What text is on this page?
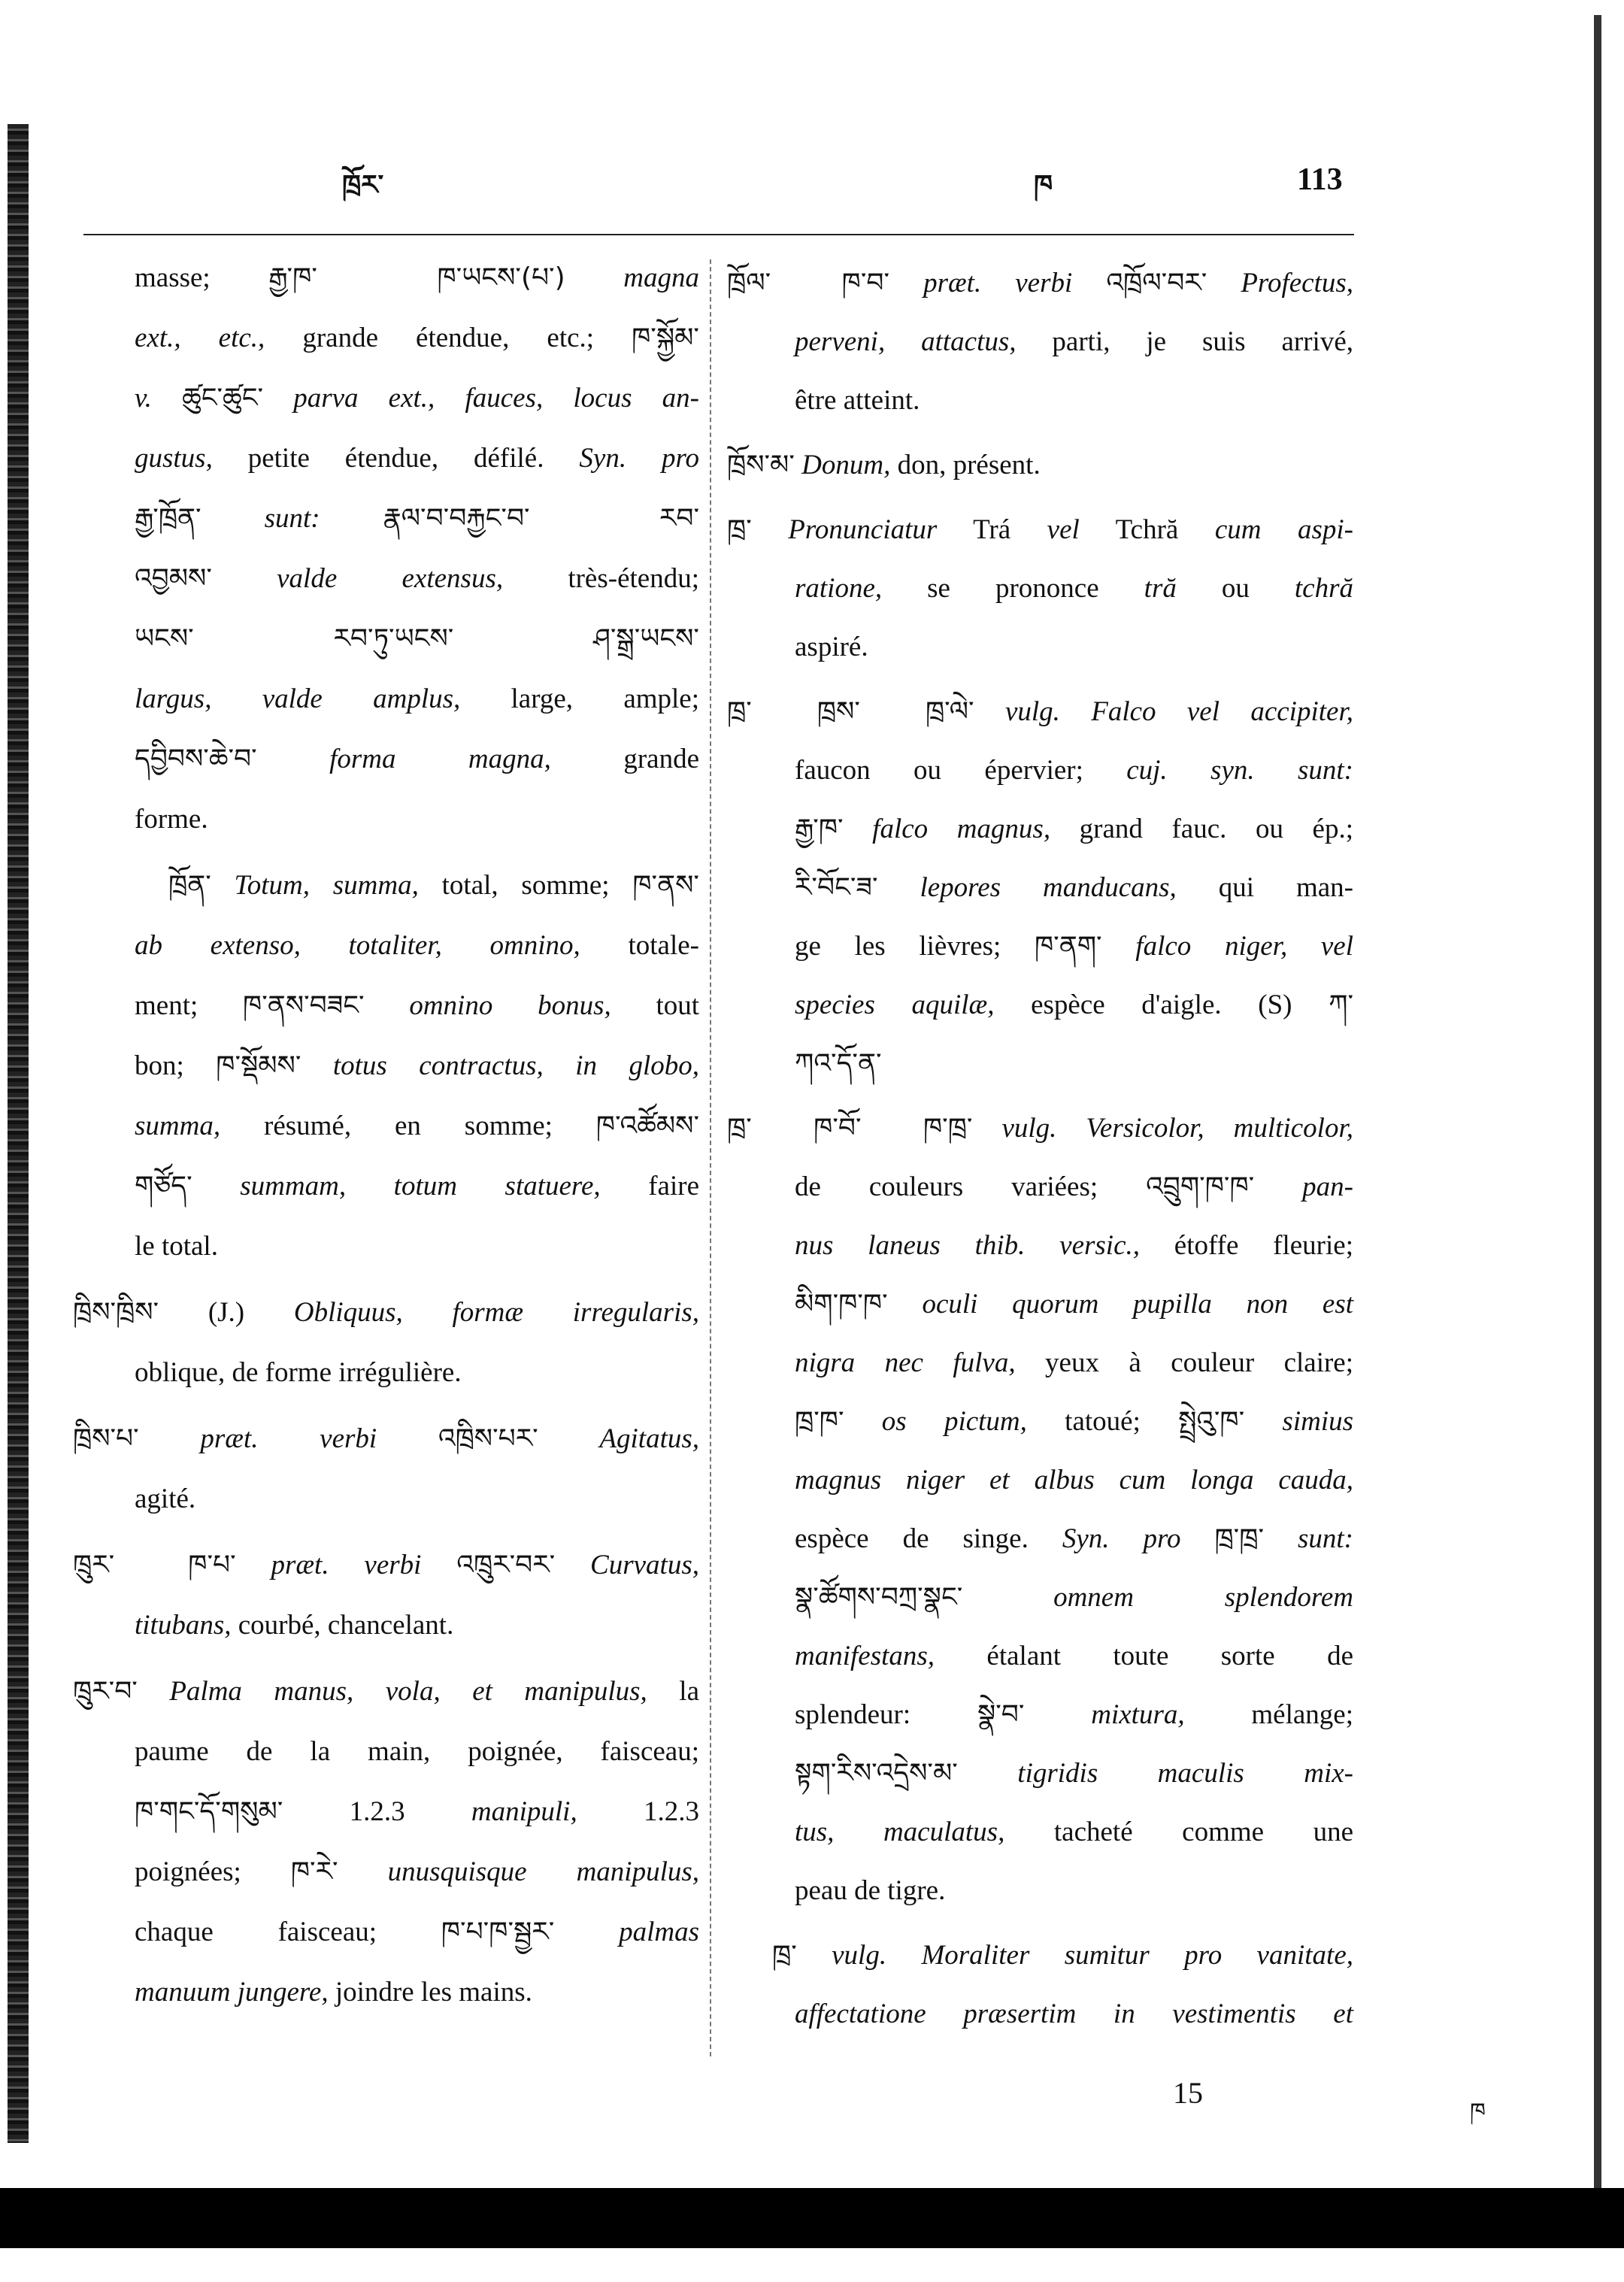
ཁྲོར་	ཁ	113
masse; རྒྱ་ཁ་  ཁ་ཡངས་(པ་) magna
ext., etc., grande étendue, etc.; ཁ་སྐྱོམ་
v. ཚུང་ཚུང་ parva ext., fauces, locus an-
gustus, petite étendue, défilé. Syn. pro
རྒྱ་ཁྲོན་ sunt: རྣལ་བ་བརྐྱང་བ་  རབ་
འབྱམས་ valde extensus, très-étendu;
ཡངས་  རབ་ཏུ་ཡངས་  ཤ་སྒྲ་ཡངས་
largus, valde amplus, large, ample;
དབྱིབས་ཆེ་བ་ forma magna, grande
forme.
ཁྲོན་ Totum, summa, total, somme; ཁ་ནས་
ab extenso, totaliter, omnino, totale-
ment; ཁ་ནས་བཟང་ omnino bonus, tout
bon; ཁ་སྡོམས་ totus contractus, in globo,
summa, résumé, en somme; ཁ་འཚོམས་
གཙོད་ summam, totum statuere, faire
le total.
ཁྲིས་ཁྲིས་ (J.) Obliquus, formæ irregularis,
oblique, de forme irrégulière.
ཁྲིས་པ་ præt. verbi འཁྲིས་པར་ Agitatus,
agité.
ཁྲུར་  ཁ་པ་ præt. verbi འཁྲུར་བར་ Curvatus,
titubans, courbé, chancelant.
ཁྲུར་བ་ Palma manus, vola, et manipulus, la
paume de la main, poignée, faisceau;
ཁ་གང་དོ་གསུམ་ 1.2.3 manipuli, 1.2.3
poignées; ཁ་རེ་ unusquisque manipulus,
chaque faisceau; ཁ་པ་ཁ་སྦྱར་ palmas
manuum jungere, joindre les mains.
ཁྲོལ་  ཁ་བ་ præt. verbi འཁྲོལ་བར་ Profectus,
perveni, attactus, parti, je suis arrivé,
être atteint.
ཁྲོས་མ་ Donum, don, présent.
ཁྲ་ Pronunciatur Trá vel Tchră cum aspi-
ratione, se prononce tră ou tchră
aspiré.
ཁྲ་  ཁྲས་  ཁྲ་ལེ་ vulg. Falco vel accipiter,
faucon ou épervier; cuj. syn. sunt:
རྒྱ་ཁ་ falco magnus, grand fauc. ou ép.;
རི་བོང་ཟ་ lepores manducans, qui man-
ge les lièvres; ཁ་ནག་ falco niger, vel
species aquilæ, espèce d'aigle. (S) ཀ་
ཀའ་དོ་ན་
ཁྲ་  ཁ་བོ་  ཁ་ཁྲ་ vulg. Versicolor, multicolor,
de couleurs variées; འབྲུག་ཁ་ཁ་ pan-
nus laneus thib. versic., étoffe fleurie;
མིག་ཁ་ཁ་ oculi quorum pupilla non est
nigra nec fulva, yeux à couleur claire;
ཁྲ་ཁ་ os pictum, tatoué; སྤྲེའུ་ཁ་ simius
magnus niger et albus cum longa cauda,
espèce de singe. Syn. pro ཁྲ་ཁྲ་ sunt:
སྣ་ཚོགས་བཀྲ་སྣང་ omnem splendorem
manifestans, étalant toute sorte de
splendeur: སྣེ་བ་ mixtura, mélange;
སྟག་རིས་འདྲེས་མ་ tigridis maculis mix-
tus, maculatus, tacheté comme une
peau de tigre.
ཁྲ་ vulg. Moraliter sumitur pro vanitate,
affectatione præsertim in vestimentis et
15
ཁ
